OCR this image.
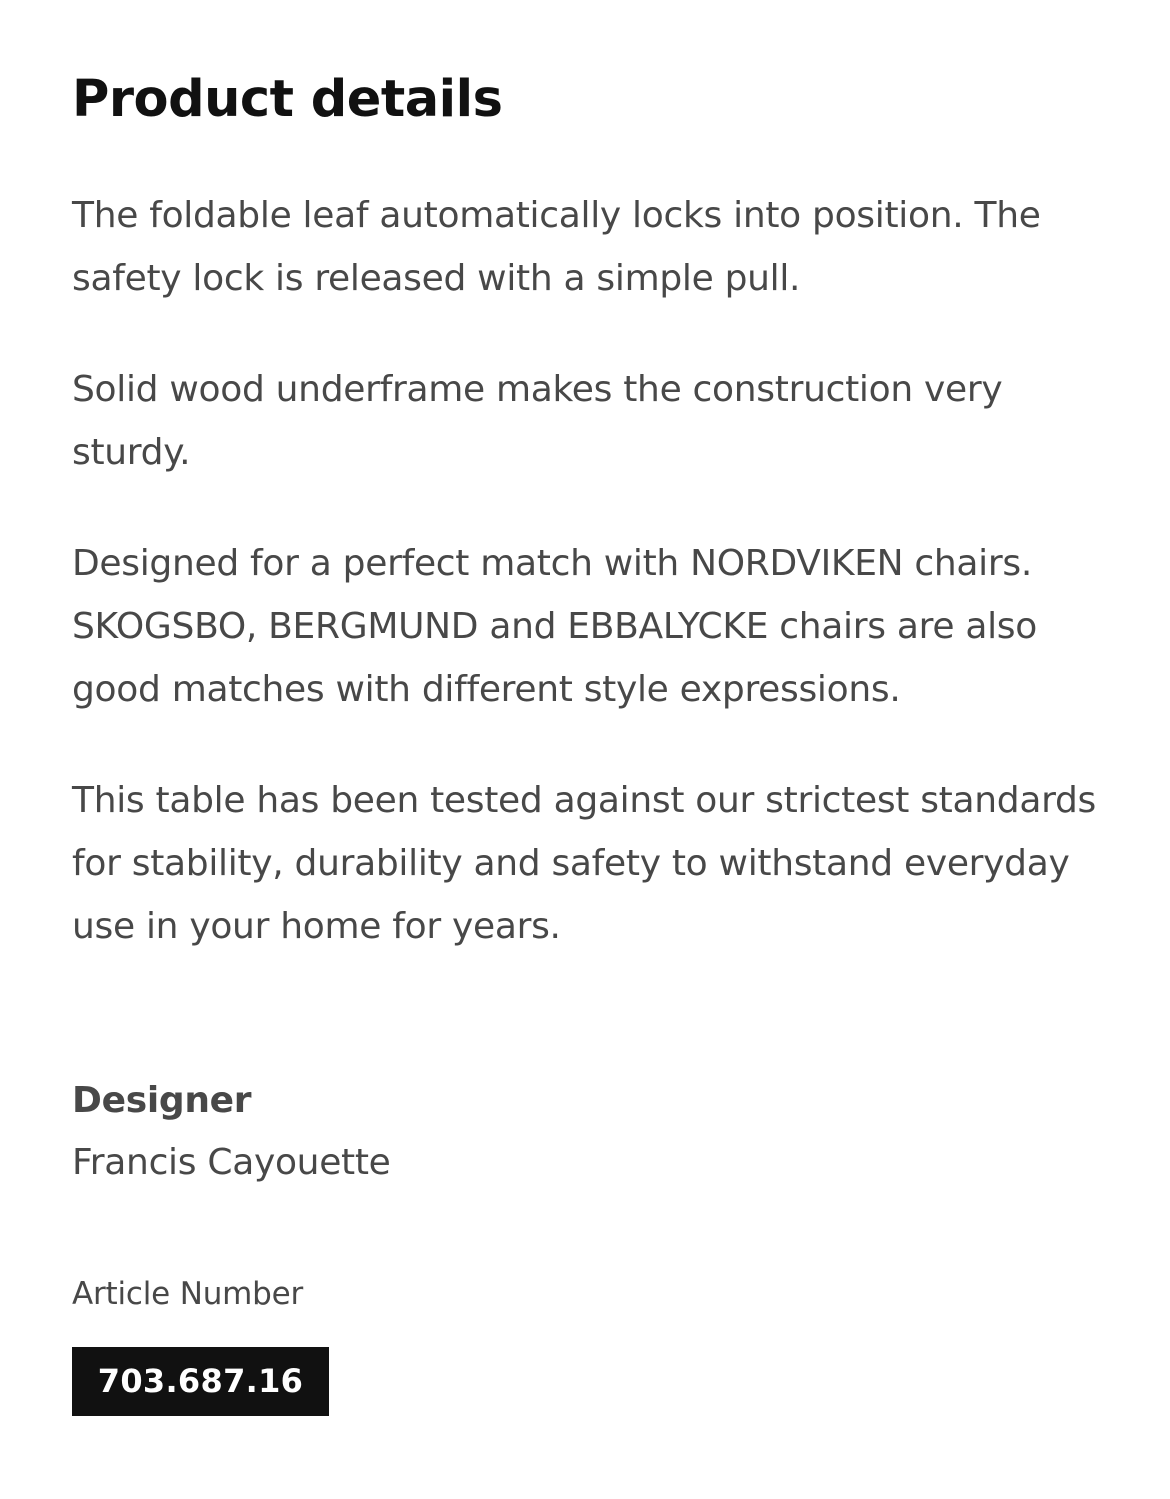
Product details

The foldable leaf automatically locks into position. The safety lock is released with a simple pull.

Solid wood underframe makes the construction very sturdy.

Designed for a perfect match with NORDVIKEN chairs. SKOGSBO, BERGMUND and EBBALYCKE chairs are also good matches with different style expressions.

This table has been tested against our strictest standards for stability, durability and safety to withstand everyday use in your home for years.

Designer
Francis Cayouette
Article Number
703.687.16
